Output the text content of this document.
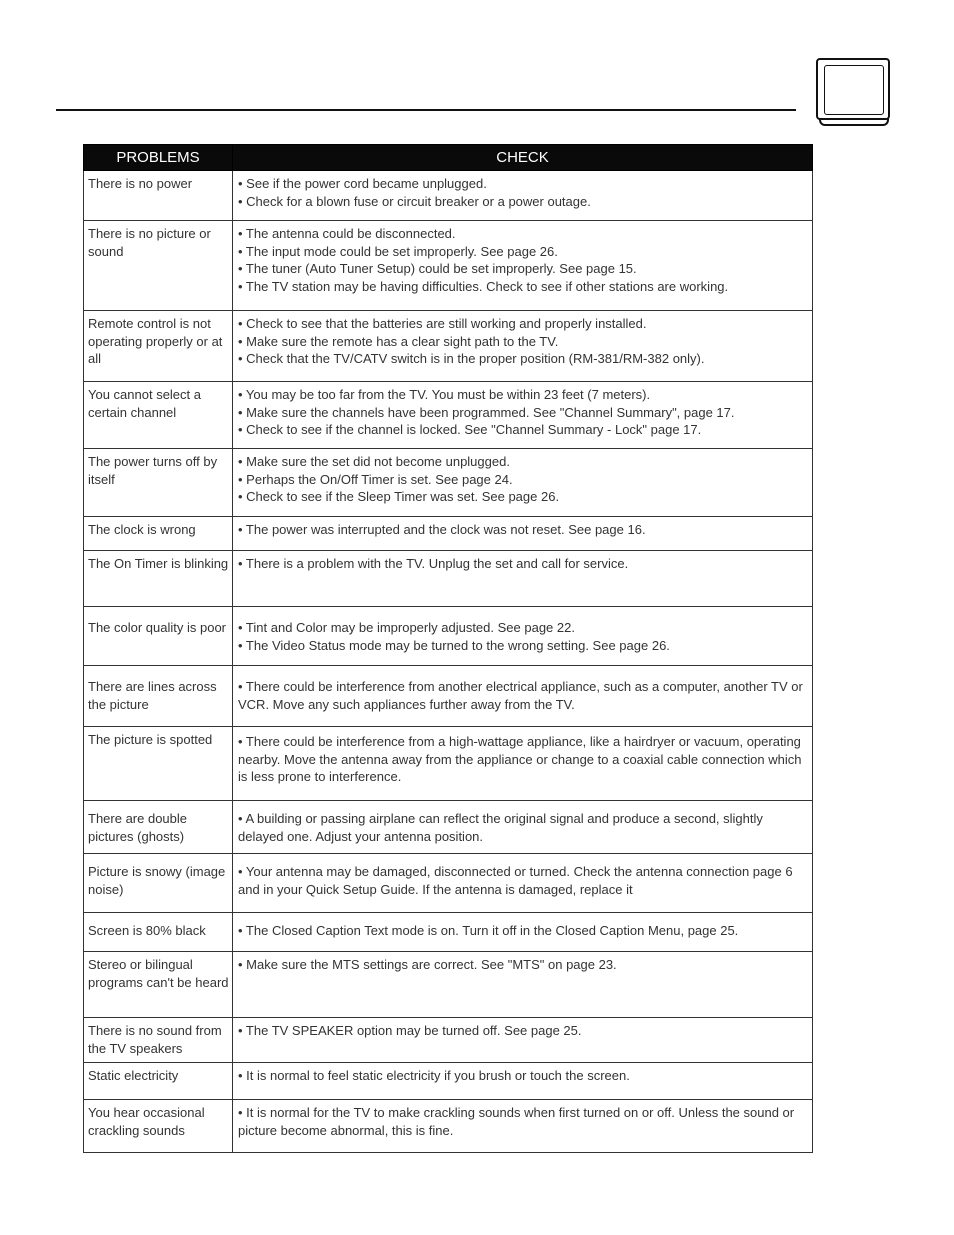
PROBLEMS	CHECK
There is no power	• See if the power cord became unplugged.
• Check for a blown fuse or circuit breaker or a power outage.

There is no picture or sound	• The antenna could be disconnected.
• The input mode could be set improperly. See page 26.
• The tuner (Auto Tuner Setup) could be set improperly. See page 15.
• The TV station may be having difficulties. Check to see if other stations are working.

Remote control is not operating properly or at all	• Check to see that the batteries are still working and properly installed.
• Make sure the remote has a clear sight path to the TV.
• Check that the TV/CATV switch is in the proper position (RM-381/RM-382 only).

You cannot select a certain channel	• You may be too far from the TV. You must be within 23 feet (7 meters).
• Make sure the channels have been programmed. See "Channel Summary", page 17.
• Check to see if the channel is locked. See "Channel Summary - Lock" page 17.

The power turns off by itself	• Make sure the set did not become unplugged.
• Perhaps the On/Off Timer is set. See page 24.
• Check to see if the Sleep Timer was set. See page 26.

The clock is wrong	• The power was interrupted and the clock was not reset. See page 16.

The On Timer is blinking	• There is a problem with the TV. Unplug the set and call for service.

The color quality is poor	• Tint and Color may be improperly adjusted. See page 22.
• The Video Status mode may be turned to the wrong setting. See page 26.

There are lines across the picture	• There could be interference from another electrical appliance, such as a computer, another TV or VCR. Move any such appliances further away from the TV.

The picture is spotted	• There could be interference from a high-wattage appliance, like a hairdryer or vacuum, operating nearby. Move the antenna away from the appliance or change to a coaxial cable connection which is less prone to interference.

There are double pictures (ghosts)	• A building or passing airplane can reflect the original signal and produce a second, slightly delayed one. Adjust your antenna position.

Picture is snowy (image noise)	• Your antenna may be damaged, disconnected or turned. Check the antenna connection page 6 and in your Quick Setup Guide. If the antenna is damaged, replace it

Screen is 80% black	• The Closed Caption Text mode is on. Turn it off in the Closed Caption Menu, page 25.

Stereo or bilingual programs can't be heard	• Make sure the MTS settings are correct. See "MTS" on page 23.

There is no sound from the TV speakers	• The TV SPEAKER option may be turned off. See page 25.

Static electricity	• It is normal to feel static electricity if you brush or touch the screen.

You hear occasional crackling sounds	• It is normal for the TV to make crackling sounds when first turned on or off. Unless the sound or picture become abnormal, this is fine.
